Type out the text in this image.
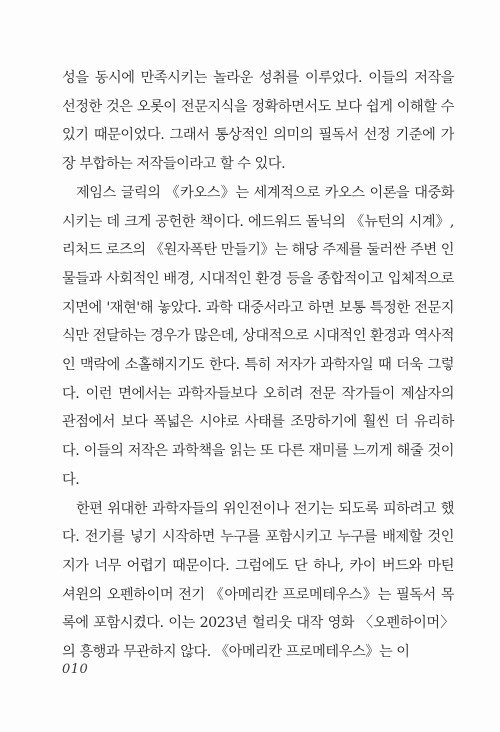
성을 동시에 만족시키는 놀라운 성취를 이루었다. 이들의 저작을 선정한 것은 오롯이 전문지식을 정확하면서도 보다 쉽게 이해할 수 있기 때문이었다. 그래서 통상적인 의미의 필독서 선정 기준에 가장 부합하는 저작들이라고 할 수 있다.

제임스 글릭의 《카오스》는 세계적으로 카오스 이론을 대중화시키는 데 크게 공헌한 책이다. 에드워드 돌닉의 《뉴턴의 시계》, 리처드 로즈의 《원자폭탄 만들기》는 해당 주제를 둘러싼 주변 인물들과 사회적인 배경, 시대적인 환경 등을 종합적이고 입체적으로 지면에 '재현'해 놓았다. 과학 대중서라고 하면 보통 특정한 전문지식만 전달하는 경우가 많은데, 상대적으로 시대적인 환경과 역사적인 맥락에 소홀해지기도 한다. 특히 저자가 과학자일 때 더욱 그렇다. 이런 면에서는 과학자들보다 오히려 전문 작가들이 제삼자의 관점에서 보다 폭넓은 시야로 사태를 조망하기에 훨씬 더 유리하다. 이들의 저작은 과학책을 읽는 또 다른 재미를 느끼게 해줄 것이다.

한편 위대한 과학자들의 위인전이나 전기는 되도록 피하려고 했다. 전기를 넣기 시작하면 누구를 포함시키고 누구를 배제할 것인지가 너무 어렵기 때문이다. 그럼에도 단 하나, 카이 버드와 마틴 셔윈의 오펜하이머 전기 《아메리칸 프로메테우스》는 필독서 목록에 포함시켰다. 이는 2023년 헐리웃 대작 영화 〈오펜하이머〉의 흥행과 무관하지 않다. 《아메리칸 프로메테우스》는 이

010
